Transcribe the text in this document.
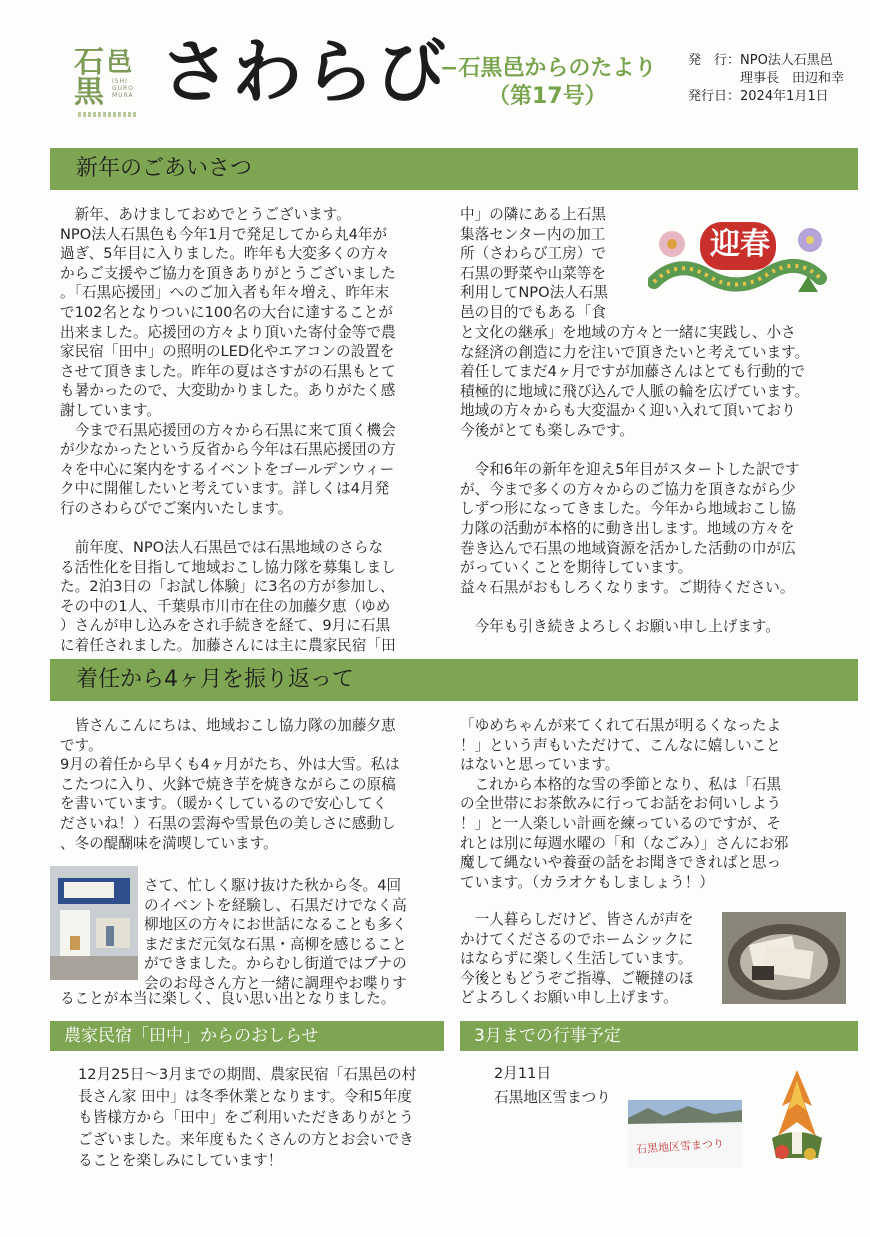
石
黒
邑
ISHI GURO MURA さわらび
−石黒邑からのたより
（第17号）
発　行：NPO法人石黒邑
理事長　 田辺和幸
発行日：2024年1月1日
新年のごあいさつ

　新年、あけましておめでとうございます。

NPO法人石黒色も今年1月で発足してから丸4年が

過ぎ、5年目に入りました。昨年も大変多くの方々

からご支援やご協力を頂きありがとうございました

。「石黒応援団」へのご加入者も年々増え、昨年末

で102名となりついに100名の大台に達することが

出来ました。応援団の方々より頂いた寄付金等で農

家民宿「田中」の照明のLED化やエアコンの設置を

させて頂きました。昨年の夏はさすがの石黒もとて

も暑かったので、大変助かりました。ありがたく感

謝しています。

　今まで石黒応援団の方々から石黒に来て頂く機会

が少なかったという反省から今年は石黒応援団の方

々を中心に案内をするイベントをゴールデンウィー

ク中に開催したいと考えています。詳しくは4月発

行のさわらびでご案内いたします。

　前年度、NPO法人石黒邑では石黒地域のさらな

る活性化を目指して地域おこし協力隊を募集しまし

た。2泊3日の「お試し体験」に3名の方が参加し、

その中の1人、千葉県市川市在住の加藤夕恵（ゆめ

）さんが申し込みをされ手続きを経て、9月に石黒

に着任されました。加藤さんには主に農家民宿「田

中」の隣にある上石黒

集落センター内の加工

所（さわらび工房）で

石黒の野菜や山菜等を

利用してNPO法人石黒

邑の目的でもある「食

と文化の継承」を地域の方々と一緒に実践し、小さ

な経済の創造に力を注いで頂きたいと考えています。

着任してまだ4ヶ月ですが加藤さんはとても行動的で

積極的に地域に飛び込んで人脈の輪を広げています。

地域の方々からも大変温かく迎い入れて頂いており

今後がとても楽しみです。

　令和6年の新年を迎え5年目がスタートした訳です

が、今まで多くの方々からのご協力を頂きながら少

しずつ形になってきました。今年から地域おこし協

力隊の活動が本格的に動き出します。地域の方々を

巻き込んで石黒の地域資源を活かした活動の巾が広

がっていくことを期待しています。

益々石黒がおもしろくなります。ご期待ください。

　今年も引き続きよろしくお願い申し上げます。

迎春
着任から4ヶ月を振り返って

　皆さんこんにちは、地域おこし協力隊の加藤夕恵

です。

9月の着任から早くも4ヶ月がたち、外は大雪。私は

こたつに入り、火鉢で焼き芋を焼きながらこの原稿

を書いています。（暖かくしているので安心してく

ださいね！）石黒の雲海や雪景色の美しさに感動し

、冬の醍醐味を満喫しています。

さて、忙しく駆け抜けた秋から冬。4回

のイベントを経験し、石黒だけでなく高

柳地区の方々にお世話になることも多く

まだまだ元気な石黒・高柳を感じること

ができました。からむし街道ではブナの

会のお母さん方と一緒に調理やお喋りす

ることが本当に楽しく、良い思い出となりました。

「ゆめちゃんが来てくれて石黒が明るくなったよ

！」という声もいただけて、こんなに嬉しいこと

はないと思っています。

　これから本格的な雪の季節となり、私は「石黒

の全世帯にお茶飲みに行ってお話をお伺いしよう

！」と一人楽しい計画を練っているのですが、そ

れとは別に毎週水曜の「和（なごみ）」さんにお邪

魔して縄ないや養蚕の話をお聞きできればと思っ

ています。（カラオケもしましょう！）

　一人暮らしだけど、皆さんが声を

かけてくださるのでホームシックに

はならずに楽しく生活しています。

今後ともどうぞご指導、ご鞭撻のほ

どよろしくお願い申し上げます。

農家民宿「田中」からのおしらせ

12月25日〜3月までの期間、農家民宿「石黒邑の村

長さん家 田中」は冬季休業となります。令和5年度

も皆様方から「田中」をご利用いただきありがとう

ございました。来年度もたくさんの方とお会いでき

ることを楽しみにしています！

3月までの行事予定
2月11日
石黒地区雪まつり
石黒地区雪まつり
